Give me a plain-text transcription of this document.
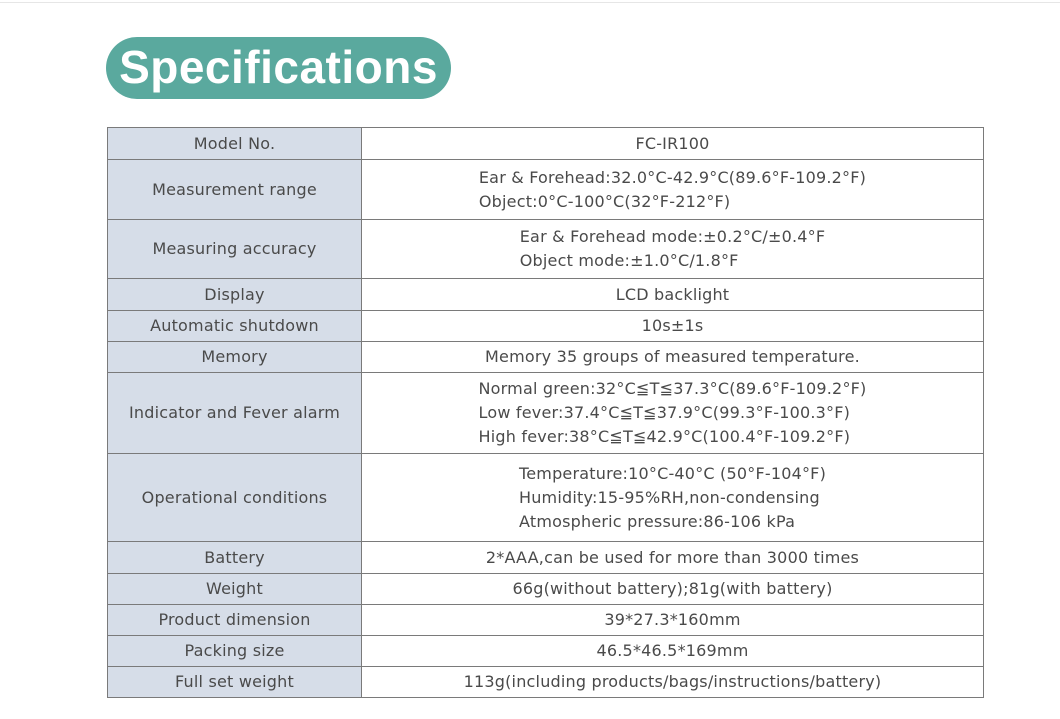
Specifications
Model No.	FC-IR100

Measurement range	Ear & Forehead:32.0°C-42.9°C(89.6°F-109.2°F)
Object:0°C-100°C(32°F-212°F)

Measuring accuracy	Ear & Forehead mode:±0.2°C/±0.4°F
Object mode:±1.0°C/1.8°F

Display	LCD backlight

Automatic shutdown	10s±1s

Memory	Memory 35 groups of measured temperature.

Indicator and Fever alarm	Normal green:32°C≦T≦37.3°C(89.6°F-109.2°F)
Low fever:37.4°C≦T≦37.9°C(99.3°F-100.3°F)
High fever:38°C≦T≦42.9°C(100.4°F-109.2°F)

Operational conditions	Temperature:10°C-40°C (50°F-104°F)
Humidity:15-95%RH,non-condensing
Atmospheric pressure:86-106 kPa

Battery	2*AAA,can be used for more than 3000 times

Weight	66g(without battery);81g(with battery)

Product dimension	39*27.3*160mm

Packing size	46.5*46.5*169mm

Full set weight	113g(including products/bags/instructions/battery)
